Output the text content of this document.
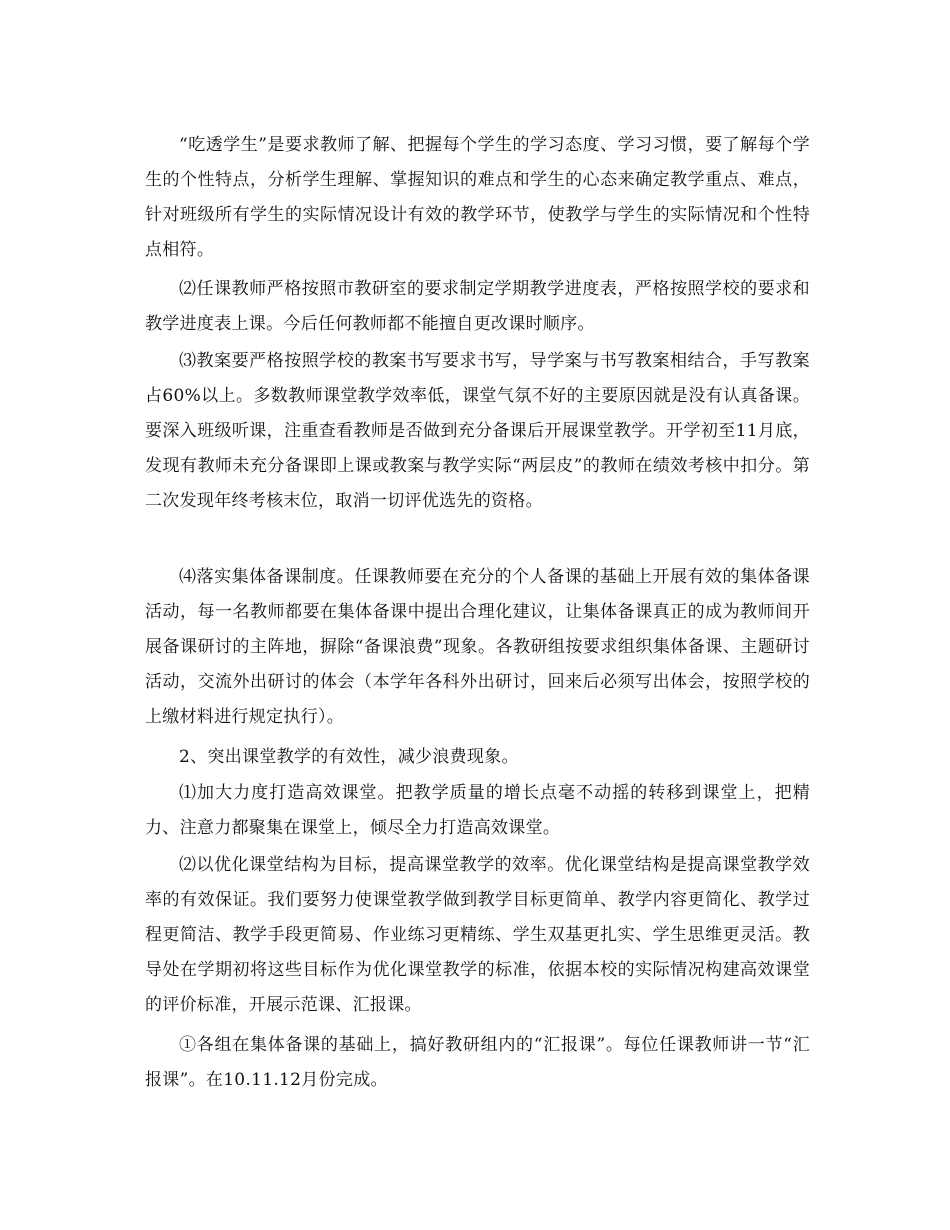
“吃透学生”是要求教师了解、把握每个学生的学习态度、学习习惯，要了解每个学生的个性特点，分析学生理解、掌握知识的难点和学生的心态来确定教学重点、难点，针对班级所有学生的实际情况设计有效的教学环节，使教学与学生的实际情况和个性特点相符。

⑵任课教师严格按照市教研室的要求制定学期教学进度表，严格按照学校的要求和教学进度表上课。今后任何教师都不能擅自更改课时顺序。

⑶教案要严格按照学校的教案书写要求书写，导学案与书写教案相结合，手写教案占60%以上。多数教师课堂教学效率低，课堂气氛不好的主要原因就是没有认真备课。要深入班级听课，注重查看教师是否做到充分备课后开展课堂教学。开学初至11月底，发现有教师未充分备课即上课或教案与教学实际“两层皮”的教师在绩效考核中扣分。第二次发现年终考核末位，取消一切评优选先的资格。

⑷落实集体备课制度。任课教师要在充分的个人备课的基础上开展有效的集体备课活动，每一名教师都要在集体备课中提出合理化建议，让集体备课真正的成为教师间开展备课研讨的主阵地，摒除“备课浪费”现象。各教研组按要求组织集体备课、主题研讨活动，交流外出研讨的体会（本学年各科外出研讨，回来后必须写出体会，按照学校的上缴材料进行规定执行）。

2、突出课堂教学的有效性，减少浪费现象。

⑴加大力度打造高效课堂。把教学质量的增长点毫不动摇的转移到课堂上，把精力、注意力都聚集在课堂上，倾尽全力打造高效课堂。

⑵以优化课堂结构为目标，提高课堂教学的效率。优化课堂结构是提高课堂教学效率的有效保证。我们要努力使课堂教学做到教学目标更简单、教学内容更简化、教学过程更简洁、教学手段更简易、作业练习更精练、学生双基更扎实、学生思维更灵活。教导处在学期初将这些目标作为优化课堂教学的标准，依据本校的实际情况构建高效课堂的评价标准，开展示范课、汇报课。

①各组在集体备课的基础上，搞好教研组内的“汇报课”。每位任课教师讲一节“汇报课”。在10.11.12月份完成。
